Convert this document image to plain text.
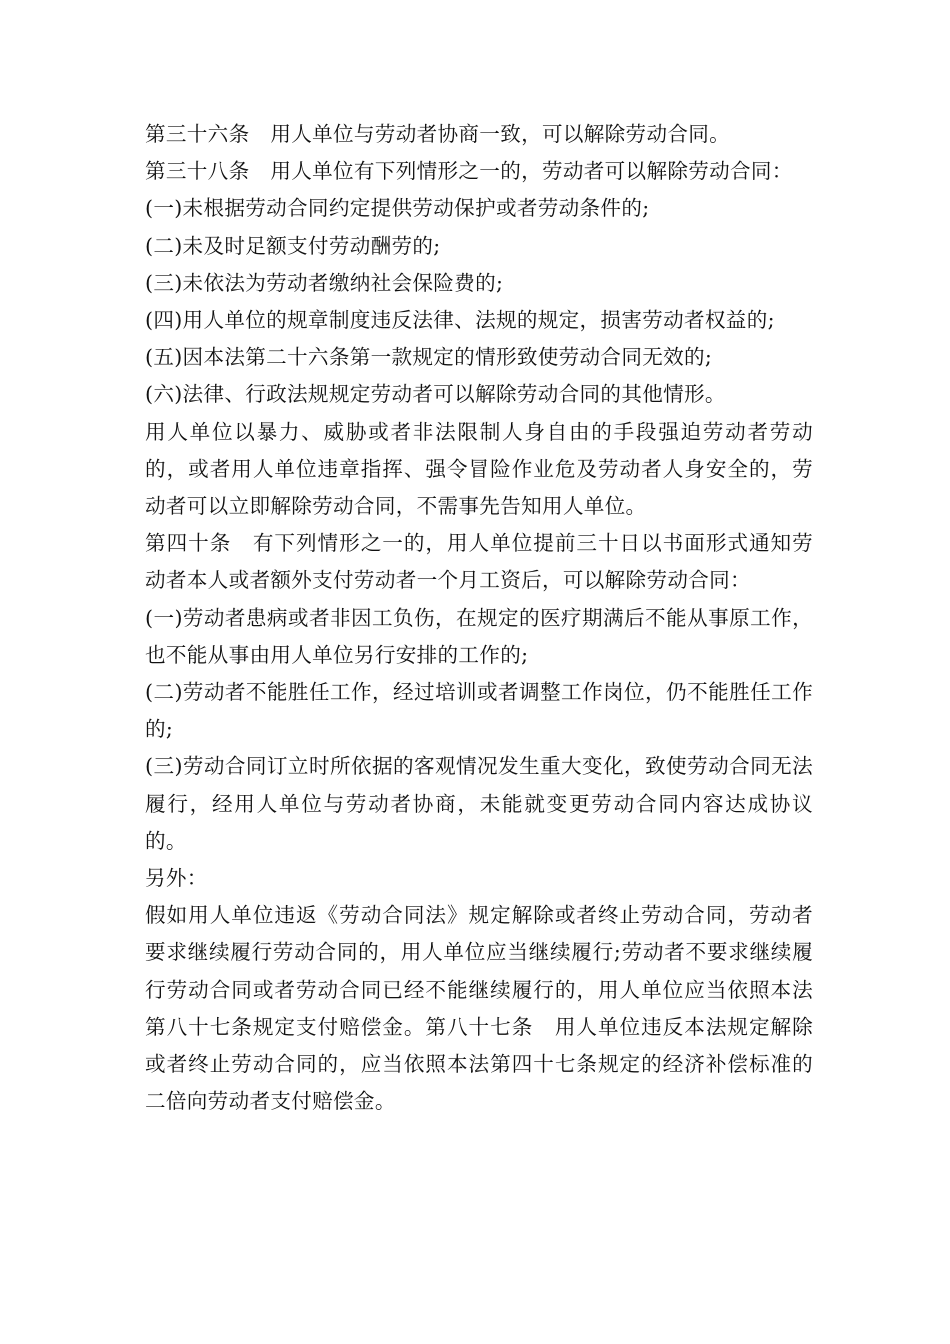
第三十六条　用人单位与劳动者协商一致，可以解除劳动合同。

第三十八条　用人单位有下列情形之一的，劳动者可以解除劳动合同：

(一)未根据劳动合同约定提供劳动保护或者劳动条件的;

(二)未及时足额支付劳动酬劳的;

(三)未依法为劳动者缴纳社会保险费的;

(四)用人单位的规章制度违反法律、法规的规定，损害劳动者权益的;

(五)因本法第二十六条第一款规定的情形致使劳动合同无效的;

(六)法律、行政法规规定劳动者可以解除劳动合同的其他情形。

用人单位以暴力、威胁或者非法限制人身自由的手段强迫劳动者劳动的，或者用人单位违章指挥、强令冒险作业危及劳动者人身安全的，劳动者可以立即解除劳动合同，不需事先告知用人单位。

第四十条　有下列情形之一的，用人单位提前三十日以书面形式通知劳动者本人或者额外支付劳动者一个月工资后，可以解除劳动合同：

(一)劳动者患病或者非因工负伤，在规定的医疗期满后不能从事原工作，也不能从事由用人单位另行安排的工作的;

(二)劳动者不能胜任工作，经过培训或者调整工作岗位，仍不能胜任工作的;

(三)劳动合同订立时所依据的客观情况发生重大变化，致使劳动合同无法履行，经用人单位与劳动者协商，未能就变更劳动合同内容达成协议的。

另外：

假如用人单位违返《劳动合同法》规定解除或者终止劳动合同，劳动者要求继续履行劳动合同的，用人单位应当继续履行;劳动者不要求继续履行劳动合同或者劳动合同已经不能继续履行的，用人单位应当依照本法第八十七条规定支付赔偿金。第八十七条　用人单位违反本法规定解除或者终止劳动合同的，应当依照本法第四十七条规定的经济补偿标准的二倍向劳动者支付赔偿金。
